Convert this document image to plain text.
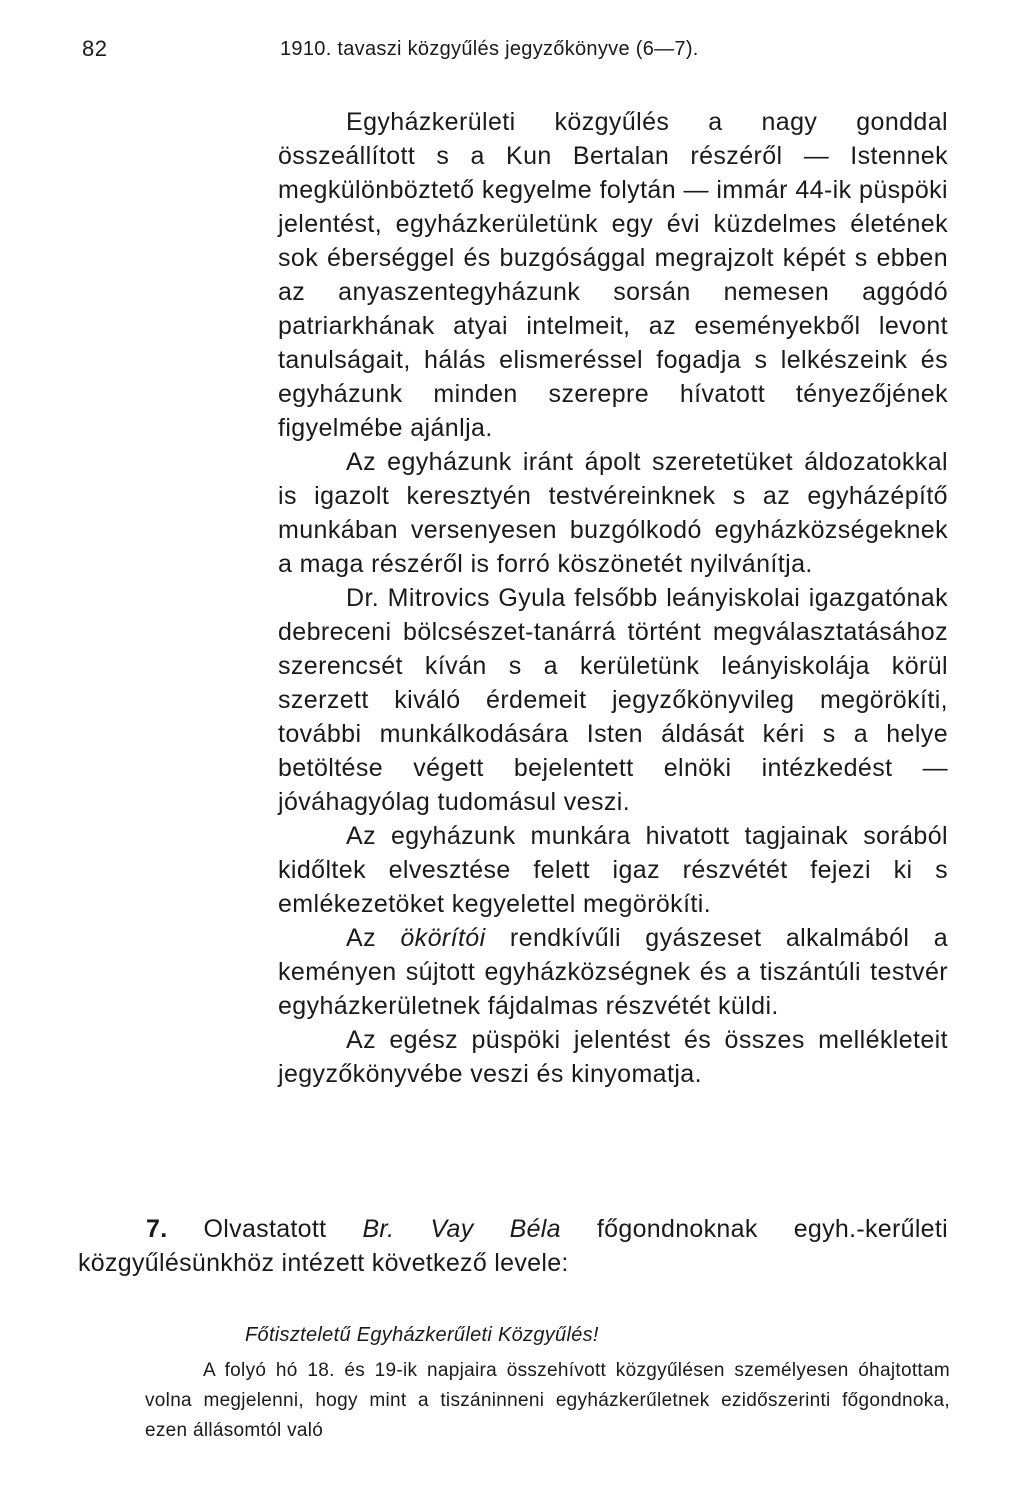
82	1910. tavaszi közgyűlés jegyzőkönyve (6—7).

Egyházkerületi közgyűlés a nagy gonddal összeállított s a Kun Bertalan részéről — Istennek megkülönböztető kegyelme folytán — immár 44-ik püspöki jelentést, egyházkerületünk egy évi küzdelmes életének sok éberséggel és buzgósággal megrajzolt képét s ebben az anyaszentegyházunk sorsán nemesen aggódó patriarkhának atyai intelmeit, az eseményekből levont tanulságait, hálás elismeréssel fogadja s lelkészeink és egyházunk minden szerepre hívatott tényezőjének figyelmébe ajánlja.

Az egyházunk iránt ápolt szeretetüket áldozatokkal is igazolt keresztyén testvéreinknek s az egyházépítő munkában versenyesen buzgólkodó egyházközségeknek a maga részéről is forró köszönetét nyilvánítja.

Dr. Mitrovics Gyula felsőbb leányiskolai igazgatónak debreceni bölcsészet-tanárrá történt megválasztatásához szerencsét kíván s a kerületünk leányiskolája körül szerzett kiváló érdemeit jegyzőkönyvileg megörökíti, további munkálkodására Isten áldását kéri s a helye betöltése végett bejelentett elnöki intézkedést — jóváhagyólag tudomásul veszi.

Az egyházunk munkára hivatott tagjainak sorából kidőltek elvesztése felett igaz részvétét fejezi ki s emlékezetöket kegyelettel megörökíti.

Az ökörítói rendkívűli gyászeset alkalmából a keményen sújtott egyházközségnek és a tiszántúli testvér egyházkerületnek fájdalmas részvétét küldi.

Az egész püspöki jelentést és összes mellékleteit jegyzőkönyvébe veszi és kinyomatja.

7. Olvastatott Br. Vay Béla főgondnoknak egyh.-kerűleti közgyűlésünkhöz intézett következő levele:

Főtiszteletű Egyházkerűleti Közgyűlés!

A folyó hó 18. és 19-ik napjaira összehívott közgyűlésen személyesen óhajtottam volna megjelenni, hogy mint a tiszáninneni egyházkerűletnek ezidőszerinti főgondnoka, ezen állásomtól való
